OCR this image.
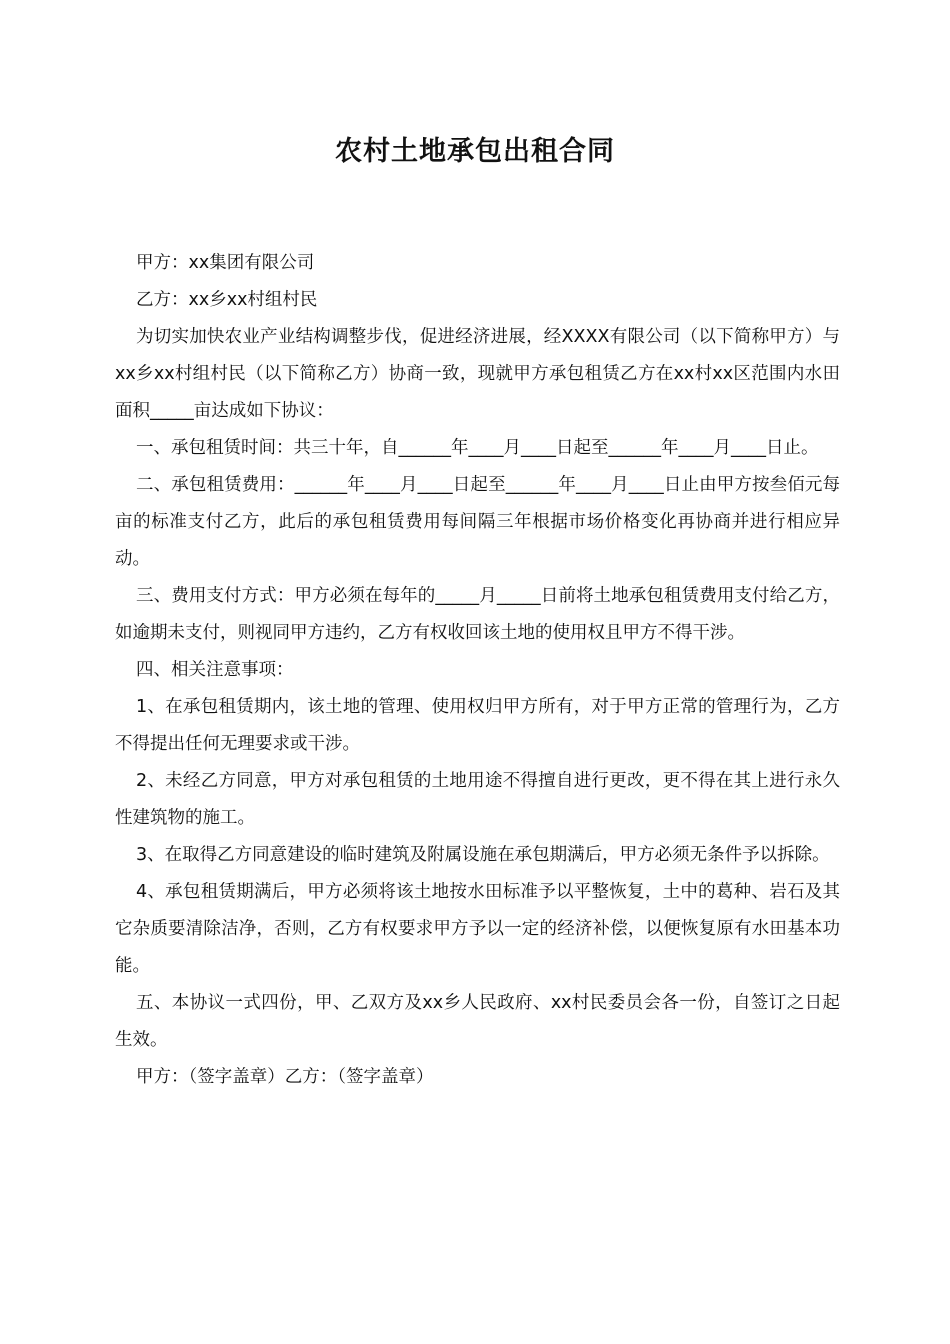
农村土地承包出租合同

甲方：xx集团有限公司

乙方：xx乡xx村组村民

为切实加快农业产业结构调整步伐，促进经济进展，经XXXX有限公司（以下简称甲方）与xx乡xx村组村民（以下简称乙方）协商一致，现就甲方承包租赁乙方在xx村xx区范围内水田面积_____亩达成如下协议：

一、承包租赁时间：共三十年，自______年____月____日起至______年____月____日止。

二、承包租赁费用：______年____月____日起至______年____月____日止由甲方按叁佰元每亩的标准支付乙方，此后的承包租赁费用每间隔三年根据市场价格变化再协商并进行相应异动。

三、费用支付方式：甲方必须在每年的_____月_____日前将土地承包租赁费用支付给乙方，如逾期未支付，则视同甲方违约，乙方有权收回该土地的使用权且甲方不得干涉。

四、相关注意事项：

1、在承包租赁期内，该土地的管理、使用权归甲方所有，对于甲方正常的管理行为，乙方不得提出任何无理要求或干涉。

2、未经乙方同意，甲方对承包租赁的土地用途不得擅自进行更改，更不得在其上进行永久性建筑物的施工。

3、在取得乙方同意建设的临时建筑及附属设施在承包期满后，甲方必须无条件予以拆除。

4、承包租赁期满后，甲方必须将该土地按水田标准予以平整恢复，土中的葛种、岩石及其它杂质要清除洁净，否则，乙方有权要求甲方予以一定的经济补偿，以便恢复原有水田基本功能。

五、本协议一式四份，甲、乙双方及xx乡人民政府、xx村民委员会各一份，自签订之日起生效。

甲方：（签字盖章）乙方：（签字盖章）
